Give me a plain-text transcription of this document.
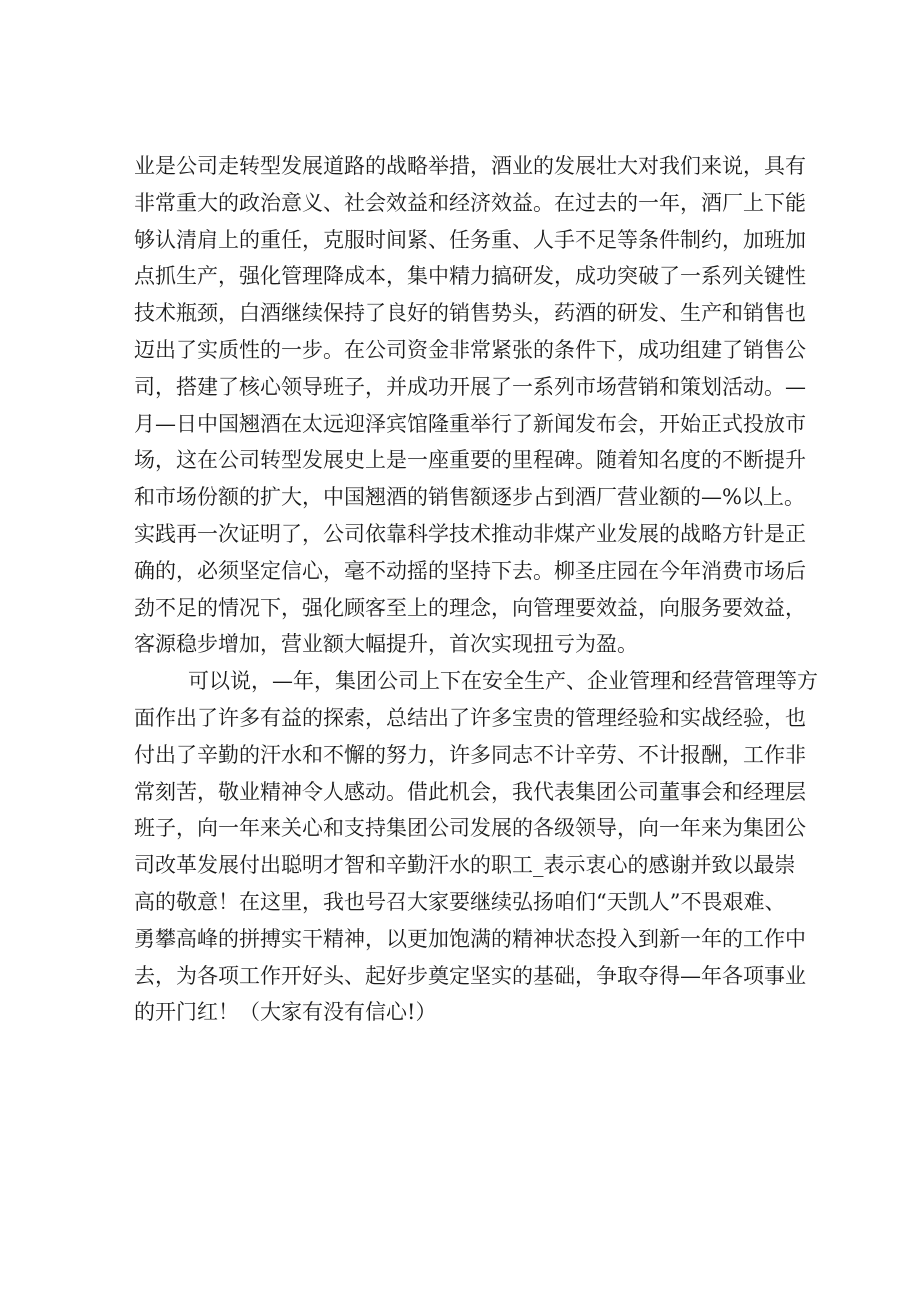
业是公司走转型发展道路的战略举措，酒业的发展壮大对我们来说，具有
非常重大的政治意义、社会效益和经济效益。在过去的一年，酒厂上下能
够认清肩上的重任，克服时间紧、任务重、人手不足等条件制约，加班加
点抓生产，强化管理降成本，集中精力搞研发，成功突破了一系列关键性
技术瓶颈，白酒继续保持了良好的销售势头，药酒的研发、生产和销售也
迈出了实质性的一步。在公司资金非常紧张的条件下，成功组建了销售公
司，搭建了核心领导班子，并成功开展了一系列市场营销和策划活动。—
月—日中国翘酒在太远迎泽宾馆隆重举行了新闻发布会，开始正式投放市
场，这在公司转型发展史上是一座重要的里程碑。随着知名度的不断提升
和市场份额的扩大，中国翘酒的销售额逐步占到酒厂营业额的—%以上。
实践再一次证明了，公司依靠科学技术推动非煤产业发展的战略方针是正
确的，必须坚定信心，毫不动摇的坚持下去。柳圣庄园在今年消费市场后
劲不足的情况下，强化顾客至上的理念，向管理要效益，向服务要效益，
客源稳步增加，营业额大幅提升，首次实现扭亏为盈。
可以说，—年，集团公司上下在安全生产、企业管理和经营管理等方
面作出了许多有益的探索，总结出了许多宝贵的管理经验和实战经验，也
付出了辛勤的汗水和不懈的努力，许多同志不计辛劳、不计报酬，工作非
常刻苦，敬业精神令人感动。借此机会，我代表集团公司董事会和经理层
班子，向一年来关心和支持集团公司发展的各级领导，向一年来为集团公
司改革发展付出聪明才智和辛勤汗水的职工_表示衷心的感谢并致以最崇
高的敬意！在这里，我也号召大家要继续弘扬咱们“天凯人”不畏艰难、
勇攀高峰的拼搏实干精神，以更加饱满的精神状态投入到新一年的工作中
去，为各项工作开好头、起好步奠定坚实的基础，争取夺得—年各项事业
的开门红！（大家有没有信心!）
